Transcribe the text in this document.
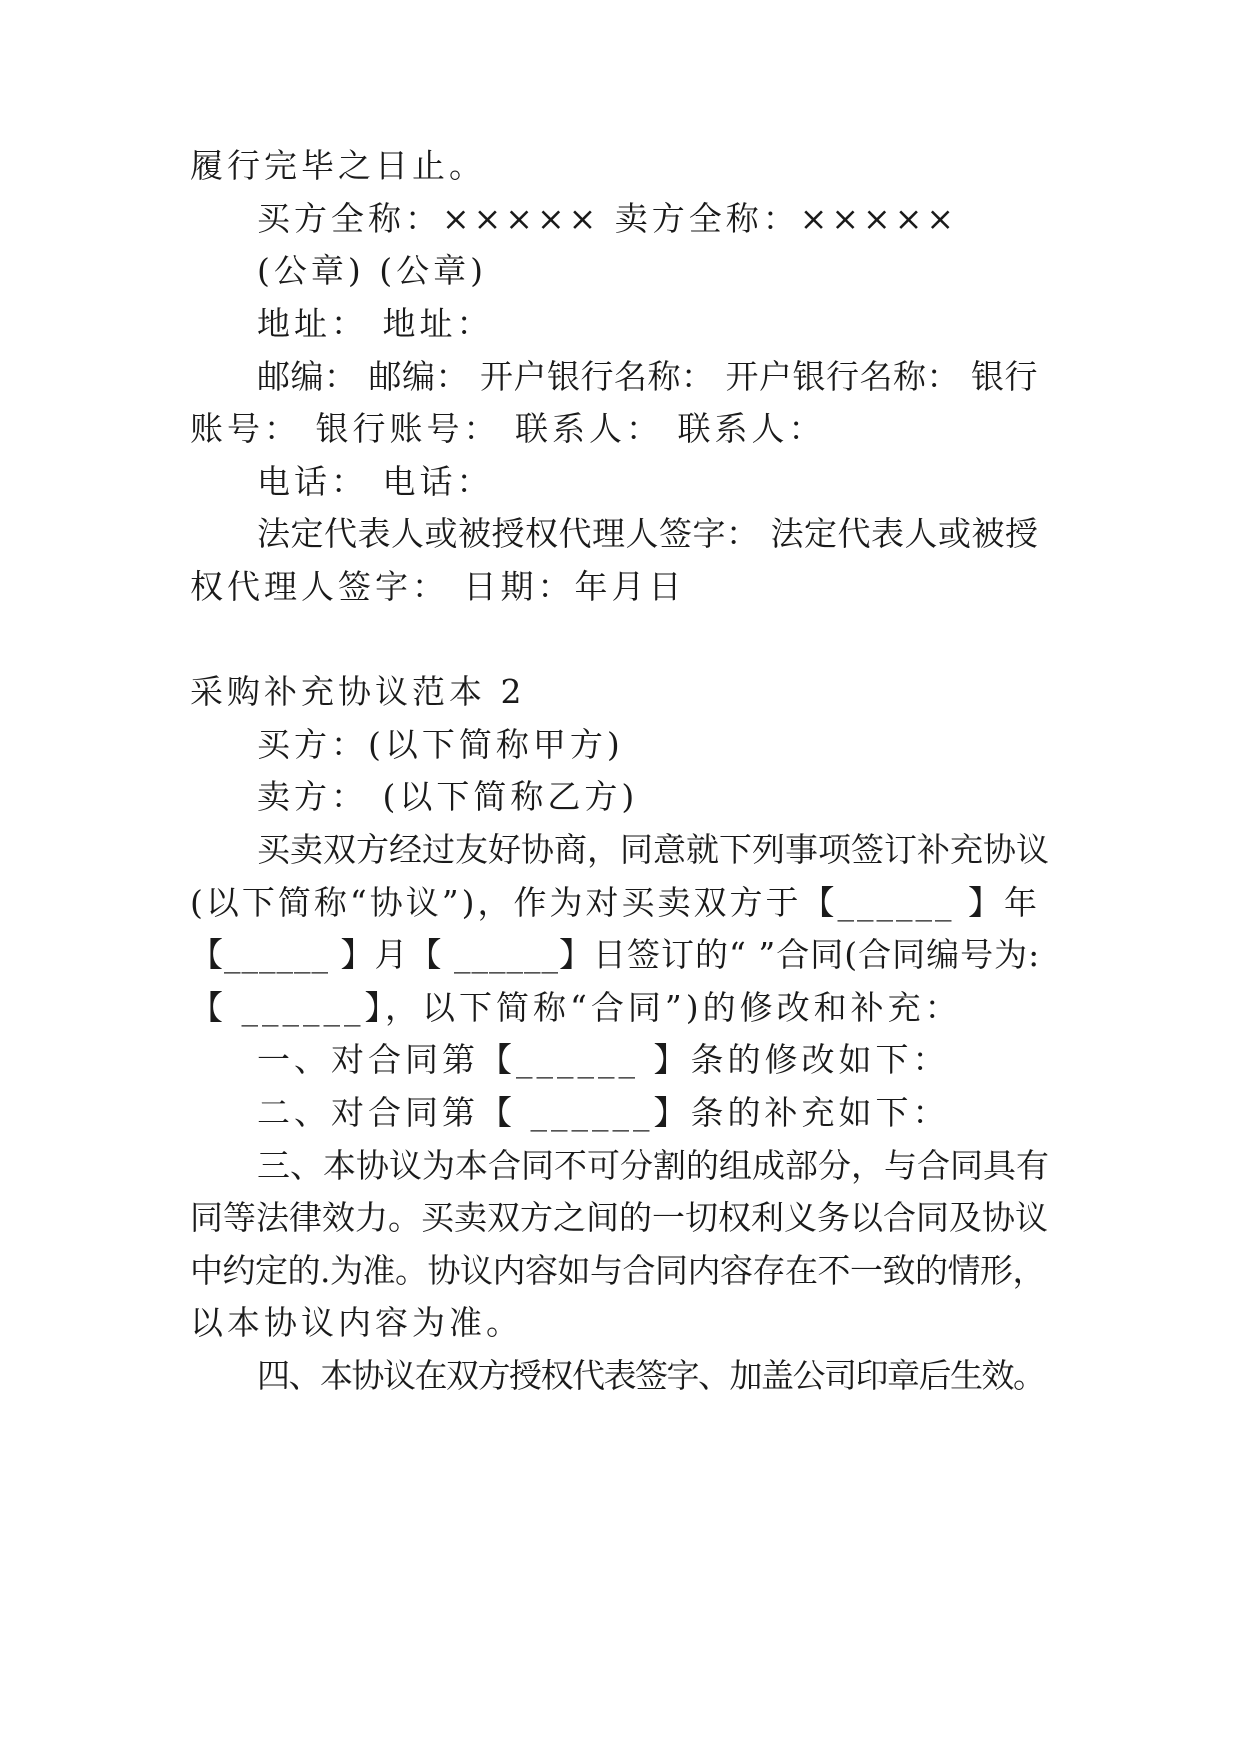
履行完毕之日止。
买方全称：××××× 卖方全称：×××××
(公章) (公章)
地址： 地址：
邮编： 邮编： 开户银行名称： 开户银行名称： 银行
账号： 银行账号： 联系人： 联系人：
电话： 电话：
法定代表人或被授权代理人签字： 法定代表人或被授
权代理人签字： 日期：年月日
采购补充协议范本 2
买方：(以下简称甲方)
卖方： (以下简称乙方)
买卖双方经过友好协商，同意就下列事项签订补充协议
(以下简称“协议”)，作为对买卖双方于【______ 】年
【______ 】月【 ______】日签订的“ ”合同(合同编号为:
【 ______】，以下简称“合同”)的修改和补充：
一、对合同第【______ 】条的修改如下：
二、对合同第【 ______】条的补充如下：
三、本协议为本合同不可分割的组成部分，与合同具有
同等法律效力。买卖双方之间的一切权利义务以合同及协议
中约定的.为准。协议内容如与合同内容存在不一致的情形，
以本协议内容为准。
四、本协议在双方授权代表签字、加盖公司印章后生效。
